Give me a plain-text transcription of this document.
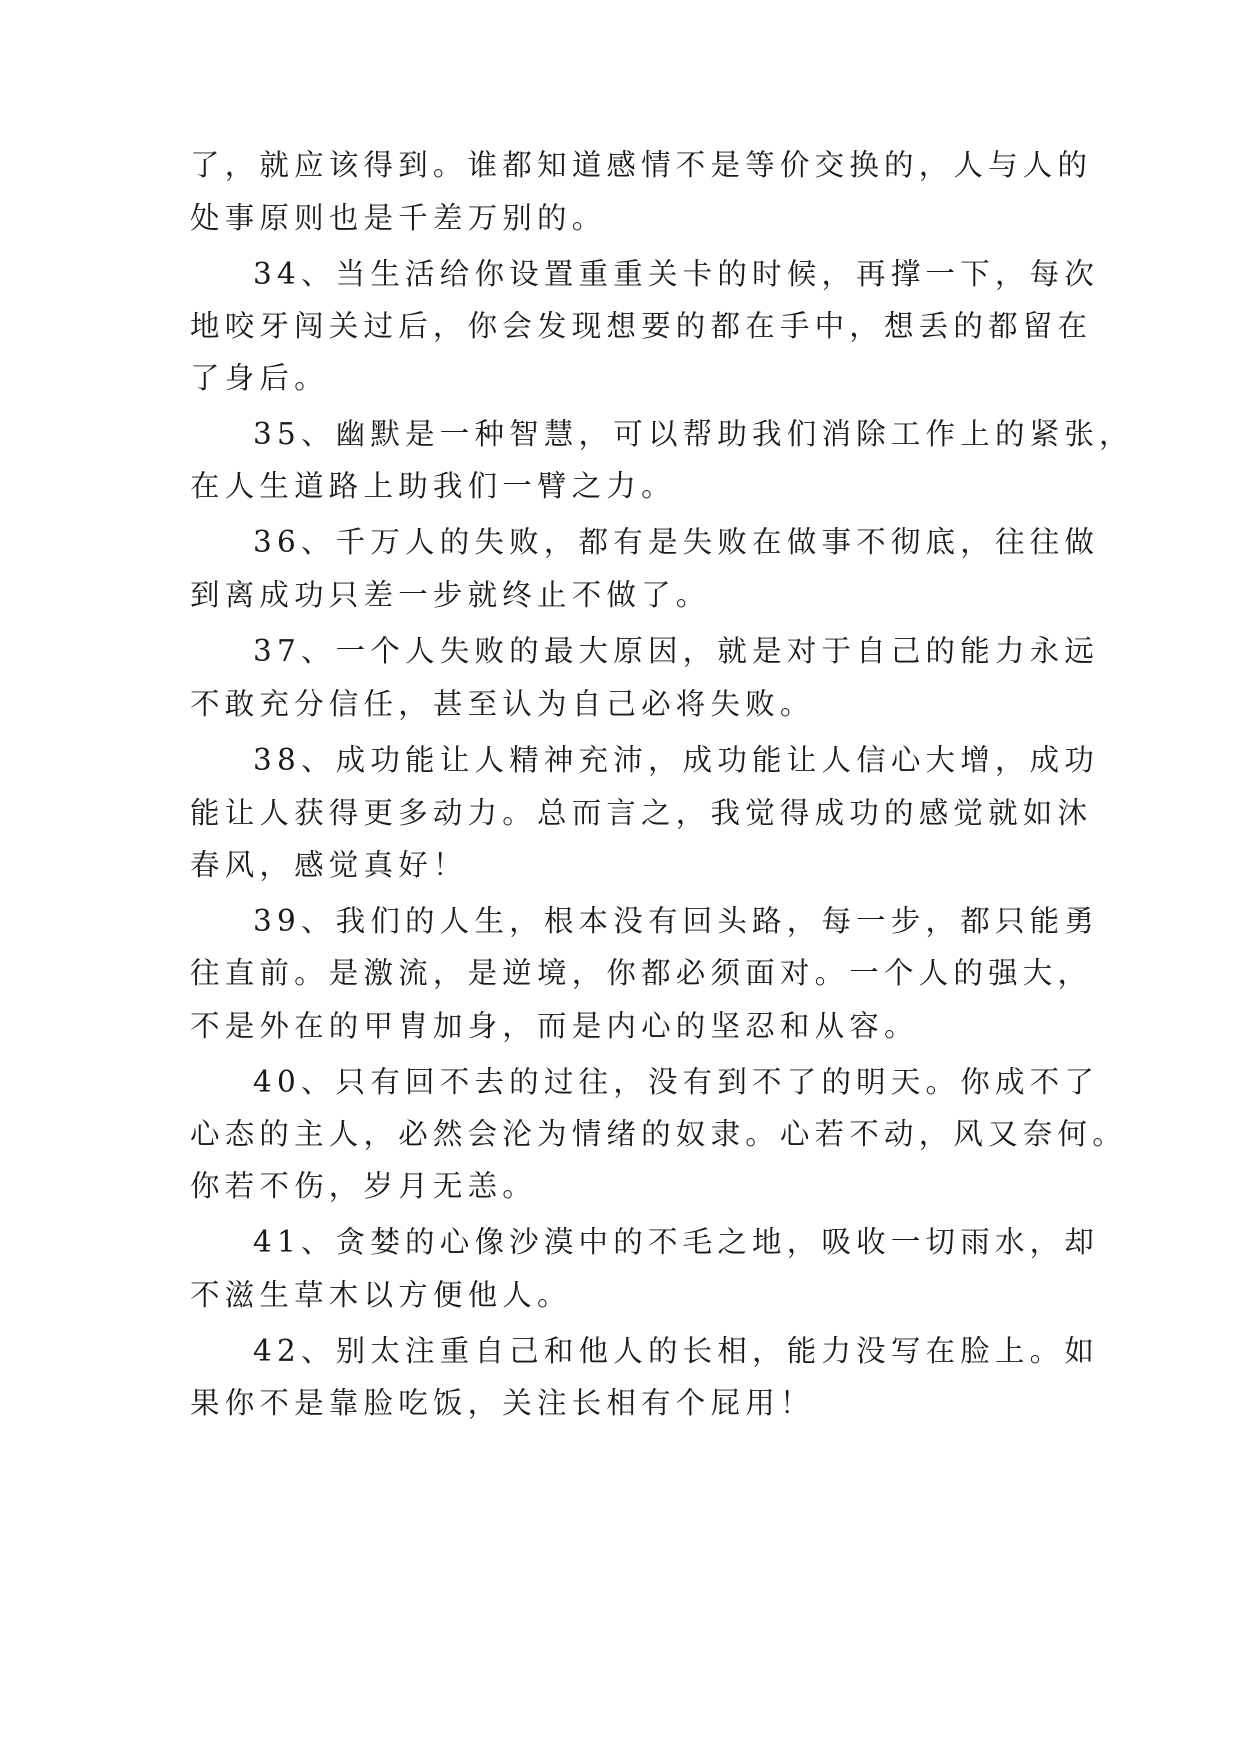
了，就应该得到。谁都知道感情不是等价交换的，人与人的
处事原则也是千差万别的。
34、当生活给你设置重重关卡的时候，再撑一下，每次
地咬牙闯关过后，你会发现想要的都在手中，想丢的都留在
了身后。
35、幽默是一种智慧，可以帮助我们消除工作上的紧张，
在人生道路上助我们一臂之力。
36、千万人的失败，都有是失败在做事不彻底，往往做
到离成功只差一步就终止不做了。
37、一个人失败的最大原因，就是对于自己的能力永远
不敢充分信任，甚至认为自己必将失败。
38、成功能让人精神充沛，成功能让人信心大增，成功
能让人获得更多动力。总而言之，我觉得成功的感觉就如沐
春风，感觉真好！
39、我们的人生，根本没有回头路，每一步，都只能勇
往直前。是激流，是逆境，你都必须面对。一个人的强大，
不是外在的甲胄加身，而是内心的坚忍和从容。
40、只有回不去的过往，没有到不了的明天。你成不了
心态的主人，必然会沦为情绪的奴隶。心若不动，风又奈何。
你若不伤，岁月无恙。
41、贪婪的心像沙漠中的不毛之地，吸收一切雨水，却
不滋生草木以方便他人。
42、别太注重自己和他人的长相，能力没写在脸上。如
果你不是靠脸吃饭，关注长相有个屁用！
